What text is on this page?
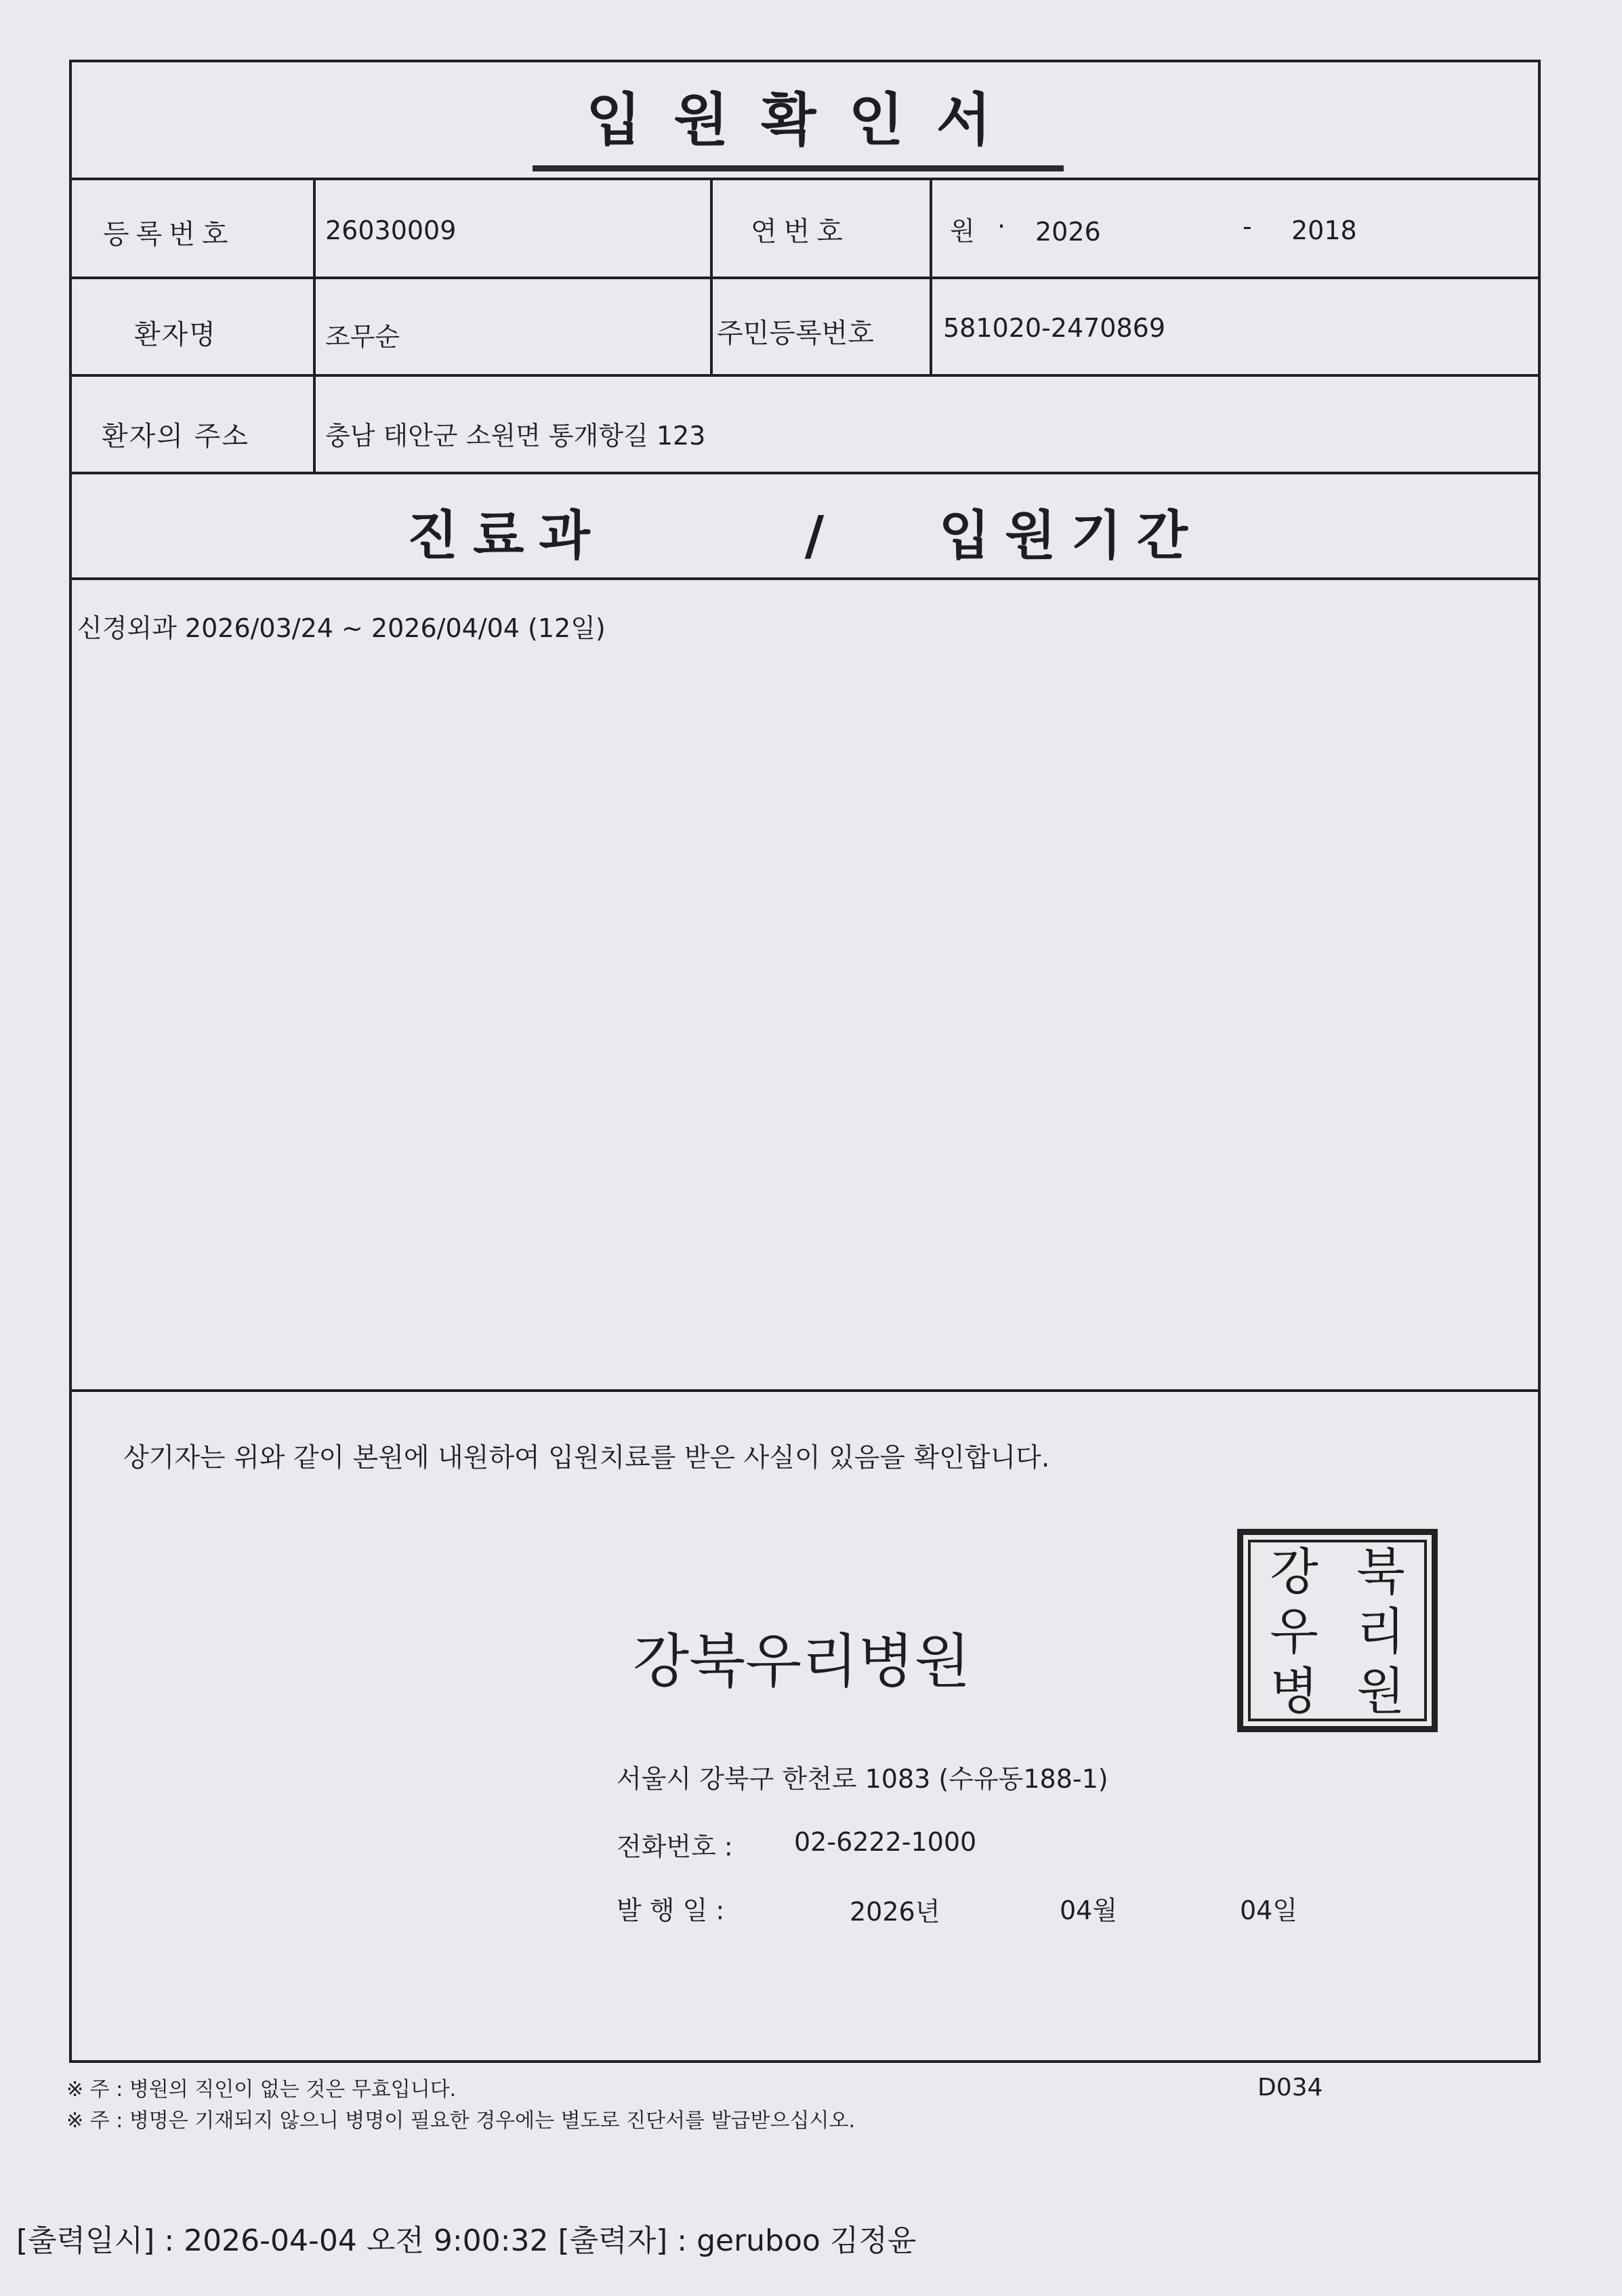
입원확인서
등록번호	26030009	연번호	원 · 2026	- 2018
환자명	조무순	주민등록번호	581020-2470869
환자의 주소	충남 태안군 소원면 통개항길 123
진료과	/ 입원기간
신경외과 2026/03/24 ~ 2026/04/04 (12일)
상기자는 위와 같이 본원에 내원하여 입원치료를 받은 사실이 있음을 확인합니다.
강북우리병원
서울시 강북구 한천로 1083 (수유동188-1)
전화번호 : 02-6222-1000
발 행 일 :	2026년	04월	04일
강 북
우 리
병 원
※ 주 : 병원의 직인이 없는 것은 무효입니다.
※ 주 : 병명은 기재되지 않으니 병명이 필요한 경우에는 별도로 진단서를 발급받으십시오.
D034
[출력일시] : 2026-04-04 오전 9:00:32 [출력자] : geruboo 김정윤
